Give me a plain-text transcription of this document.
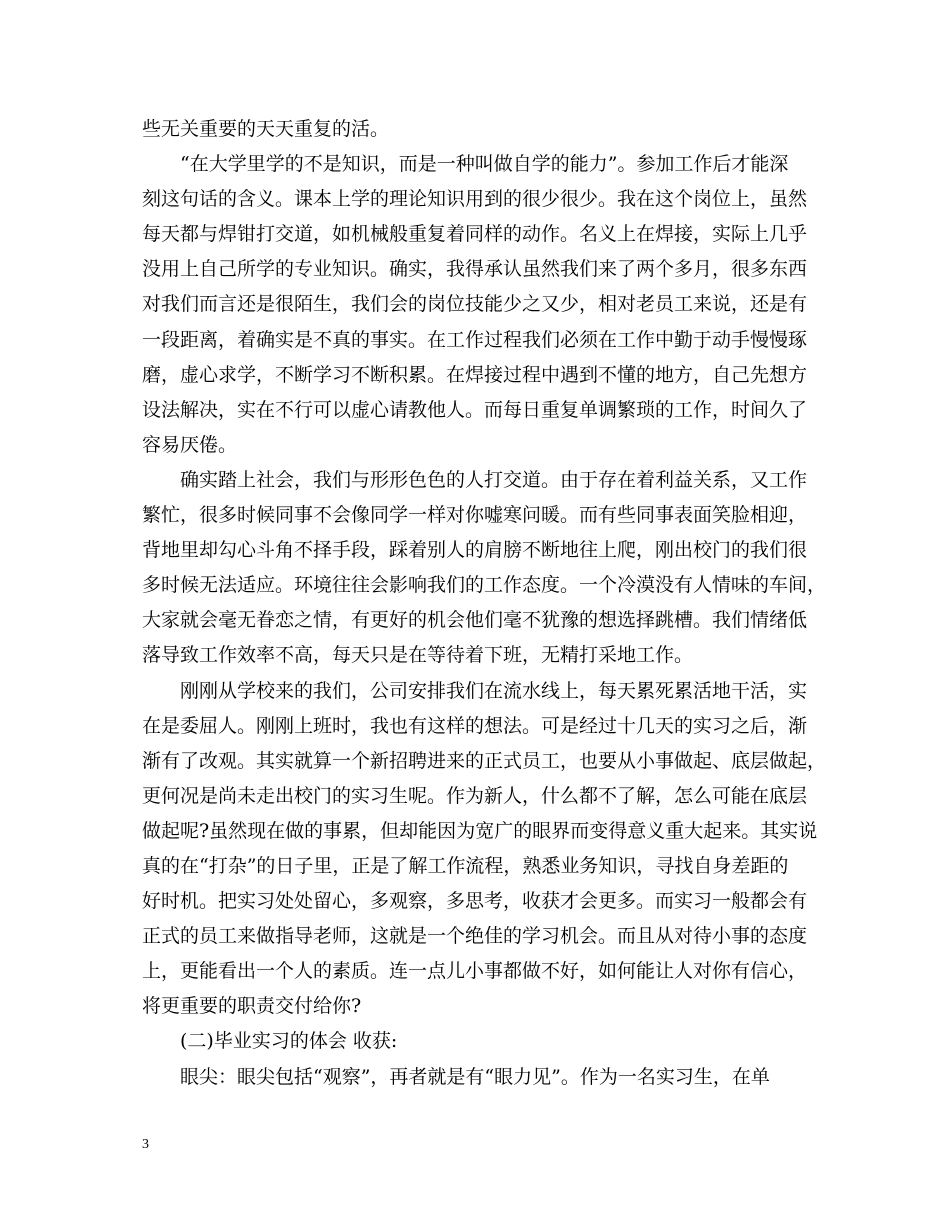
些无关重要的天天重复的活。
“在大学里学的不是知识，而是一种叫做自学的能力”。参加工作后才能深
刻这句话的含义。课本上学的理论知识用到的很少很少。我在这个岗位上，虽然
每天都与焊钳打交道，如机械般重复着同样的动作。名义上在焊接，实际上几乎
没用上自己所学的专业知识。确实，我得承认虽然我们来了两个多月，很多东西
对我们而言还是很陌生，我们会的岗位技能少之又少，相对老员工来说，还是有
一段距离，着确实是不真的事实。在工作过程我们必须在工作中勤于动手慢慢琢
磨，虚心求学，不断学习不断积累。在焊接过程中遇到不懂的地方，自己先想方
设法解决，实在不行可以虚心请教他人。而每日重复单调繁琐的工作，时间久了
容易厌倦。
确实踏上社会，我们与形形色色的人打交道。由于存在着利益关系，又工作
繁忙，很多时候同事不会像同学一样对你嘘寒问暖。而有些同事表面笑脸相迎，
背地里却勾心斗角不择手段，踩着别人的肩膀不断地往上爬，刚出校门的我们很
多时候无法适应。环境往往会影响我们的工作态度。一个冷漠没有人情味的车间，
大家就会毫无眷恋之情，有更好的机会他们毫不犹豫的想选择跳槽。我们情绪低
落导致工作效率不高，每天只是在等待着下班，无精打采地工作。
刚刚从学校来的我们，公司安排我们在流水线上，每天累死累活地干活，实
在是委屈人。刚刚上班时，我也有这样的想法。可是经过十几天的实习之后，渐
渐有了改观。其实就算一个新招聘进来的正式员工，也要从小事做起、底层做起，
更何况是尚未走出校门的实习生呢。作为新人，什么都不了解，怎么可能在底层
做起呢?虽然现在做的事累，但却能因为宽广的眼界而变得意义重大起来。其实说
真的在“打杂”的日子里，正是了解工作流程，熟悉业务知识，寻找自身差距的
好时机。把实习处处留心，多观察，多思考，收获才会更多。而实习一般都会有
正式的员工来做指导老师，这就是一个绝佳的学习机会。而且从对待小事的态度
上，更能看出一个人的素质。连一点儿小事都做不好，如何能让人对你有信心，
将更重要的职责交付给你?
(二)毕业实习的体会 收获:
眼尖：眼尖包括“观察”，再者就是有“眼力见”。作为一名实习生，在单
3
